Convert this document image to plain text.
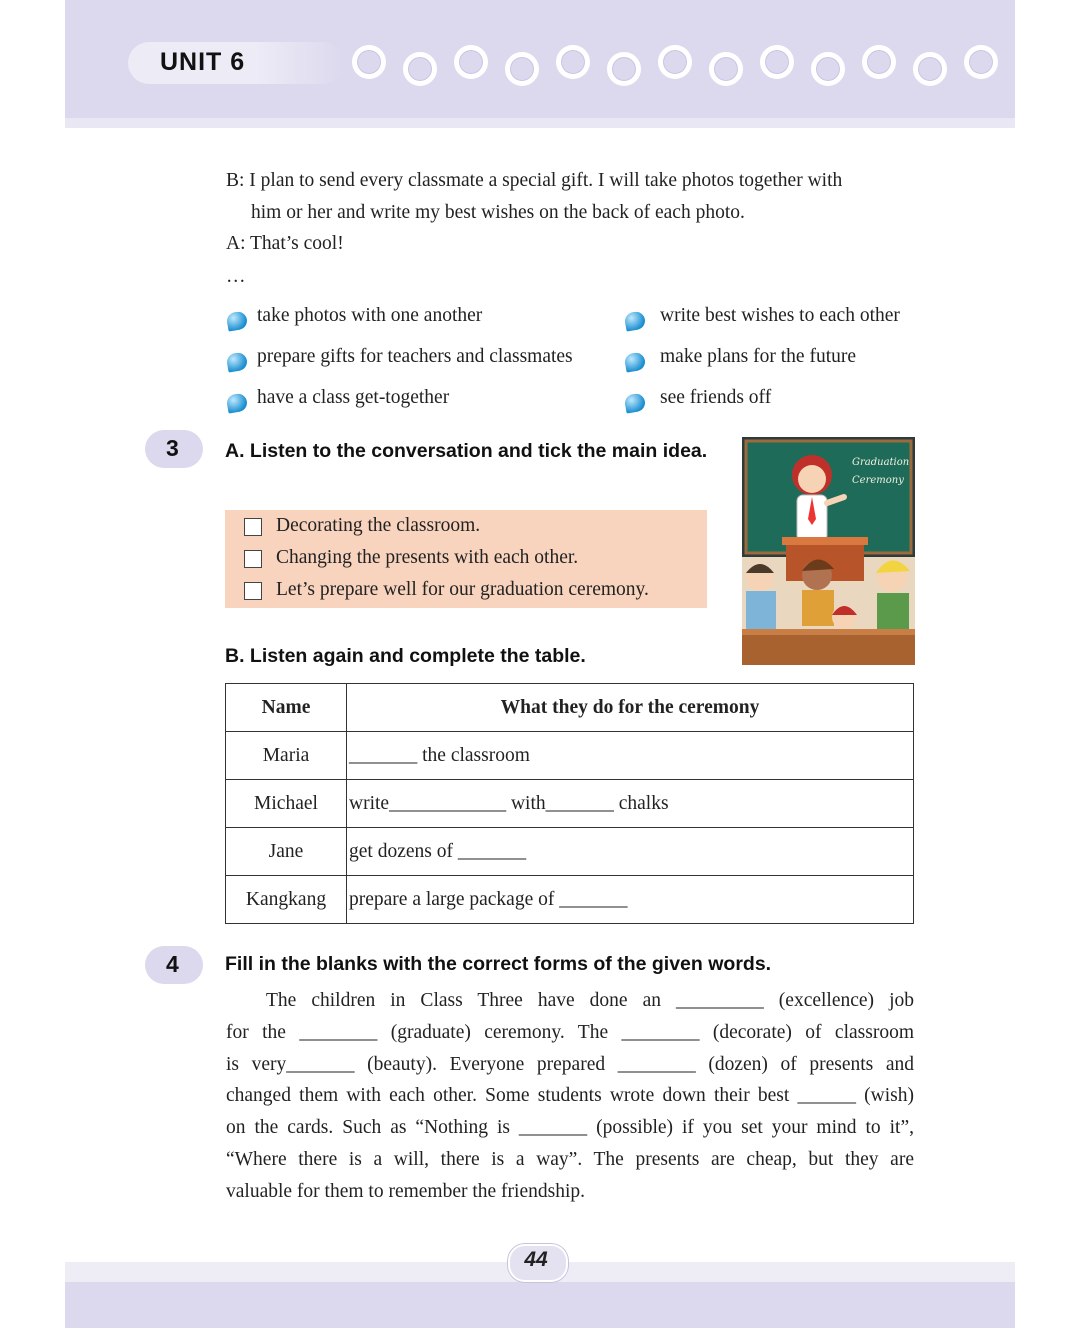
UNIT 6
B: I plan to send every classmate a special gift. I will take photos together with
him or her and write my best wishes on the back of each photo.
A: That’s cool!
…
take photos with one another	write best wishes to each other
prepare gifts for teachers and classmates	make plans for the future
have a class get-together	see friends off
3 A. Listen to the conversation and tick the main idea.
Decorating the classroom.
Changing the presents with each other.
Let’s prepare well for our graduation ceremony.
Graduation
Ceremony
B. Listen again and complete the table.
Name	What they do for the ceremony
Maria	_______ the classroom
Michael	write____________ with_______ chalks
Jane	get dozens of _______
Kangkang	prepare a large package of _______
4 Fill in the blanks with the correct forms of the given words.
The children in Class Three have done an _________ (excellence) job
for the ________ (graduate) ceremony. The ________ (decorate) of classroom
is very_______ (beauty). Everyone prepared ________ (dozen) of presents and
changed them with each other. Some students wrote down their best ______ (wish)
on the cards. Such as “Nothing is _______ (possible) if you set your mind to it”,
“Where there is a will, there is a way”. The presents are cheap, but they are
valuable for them to remember the friendship.
44
